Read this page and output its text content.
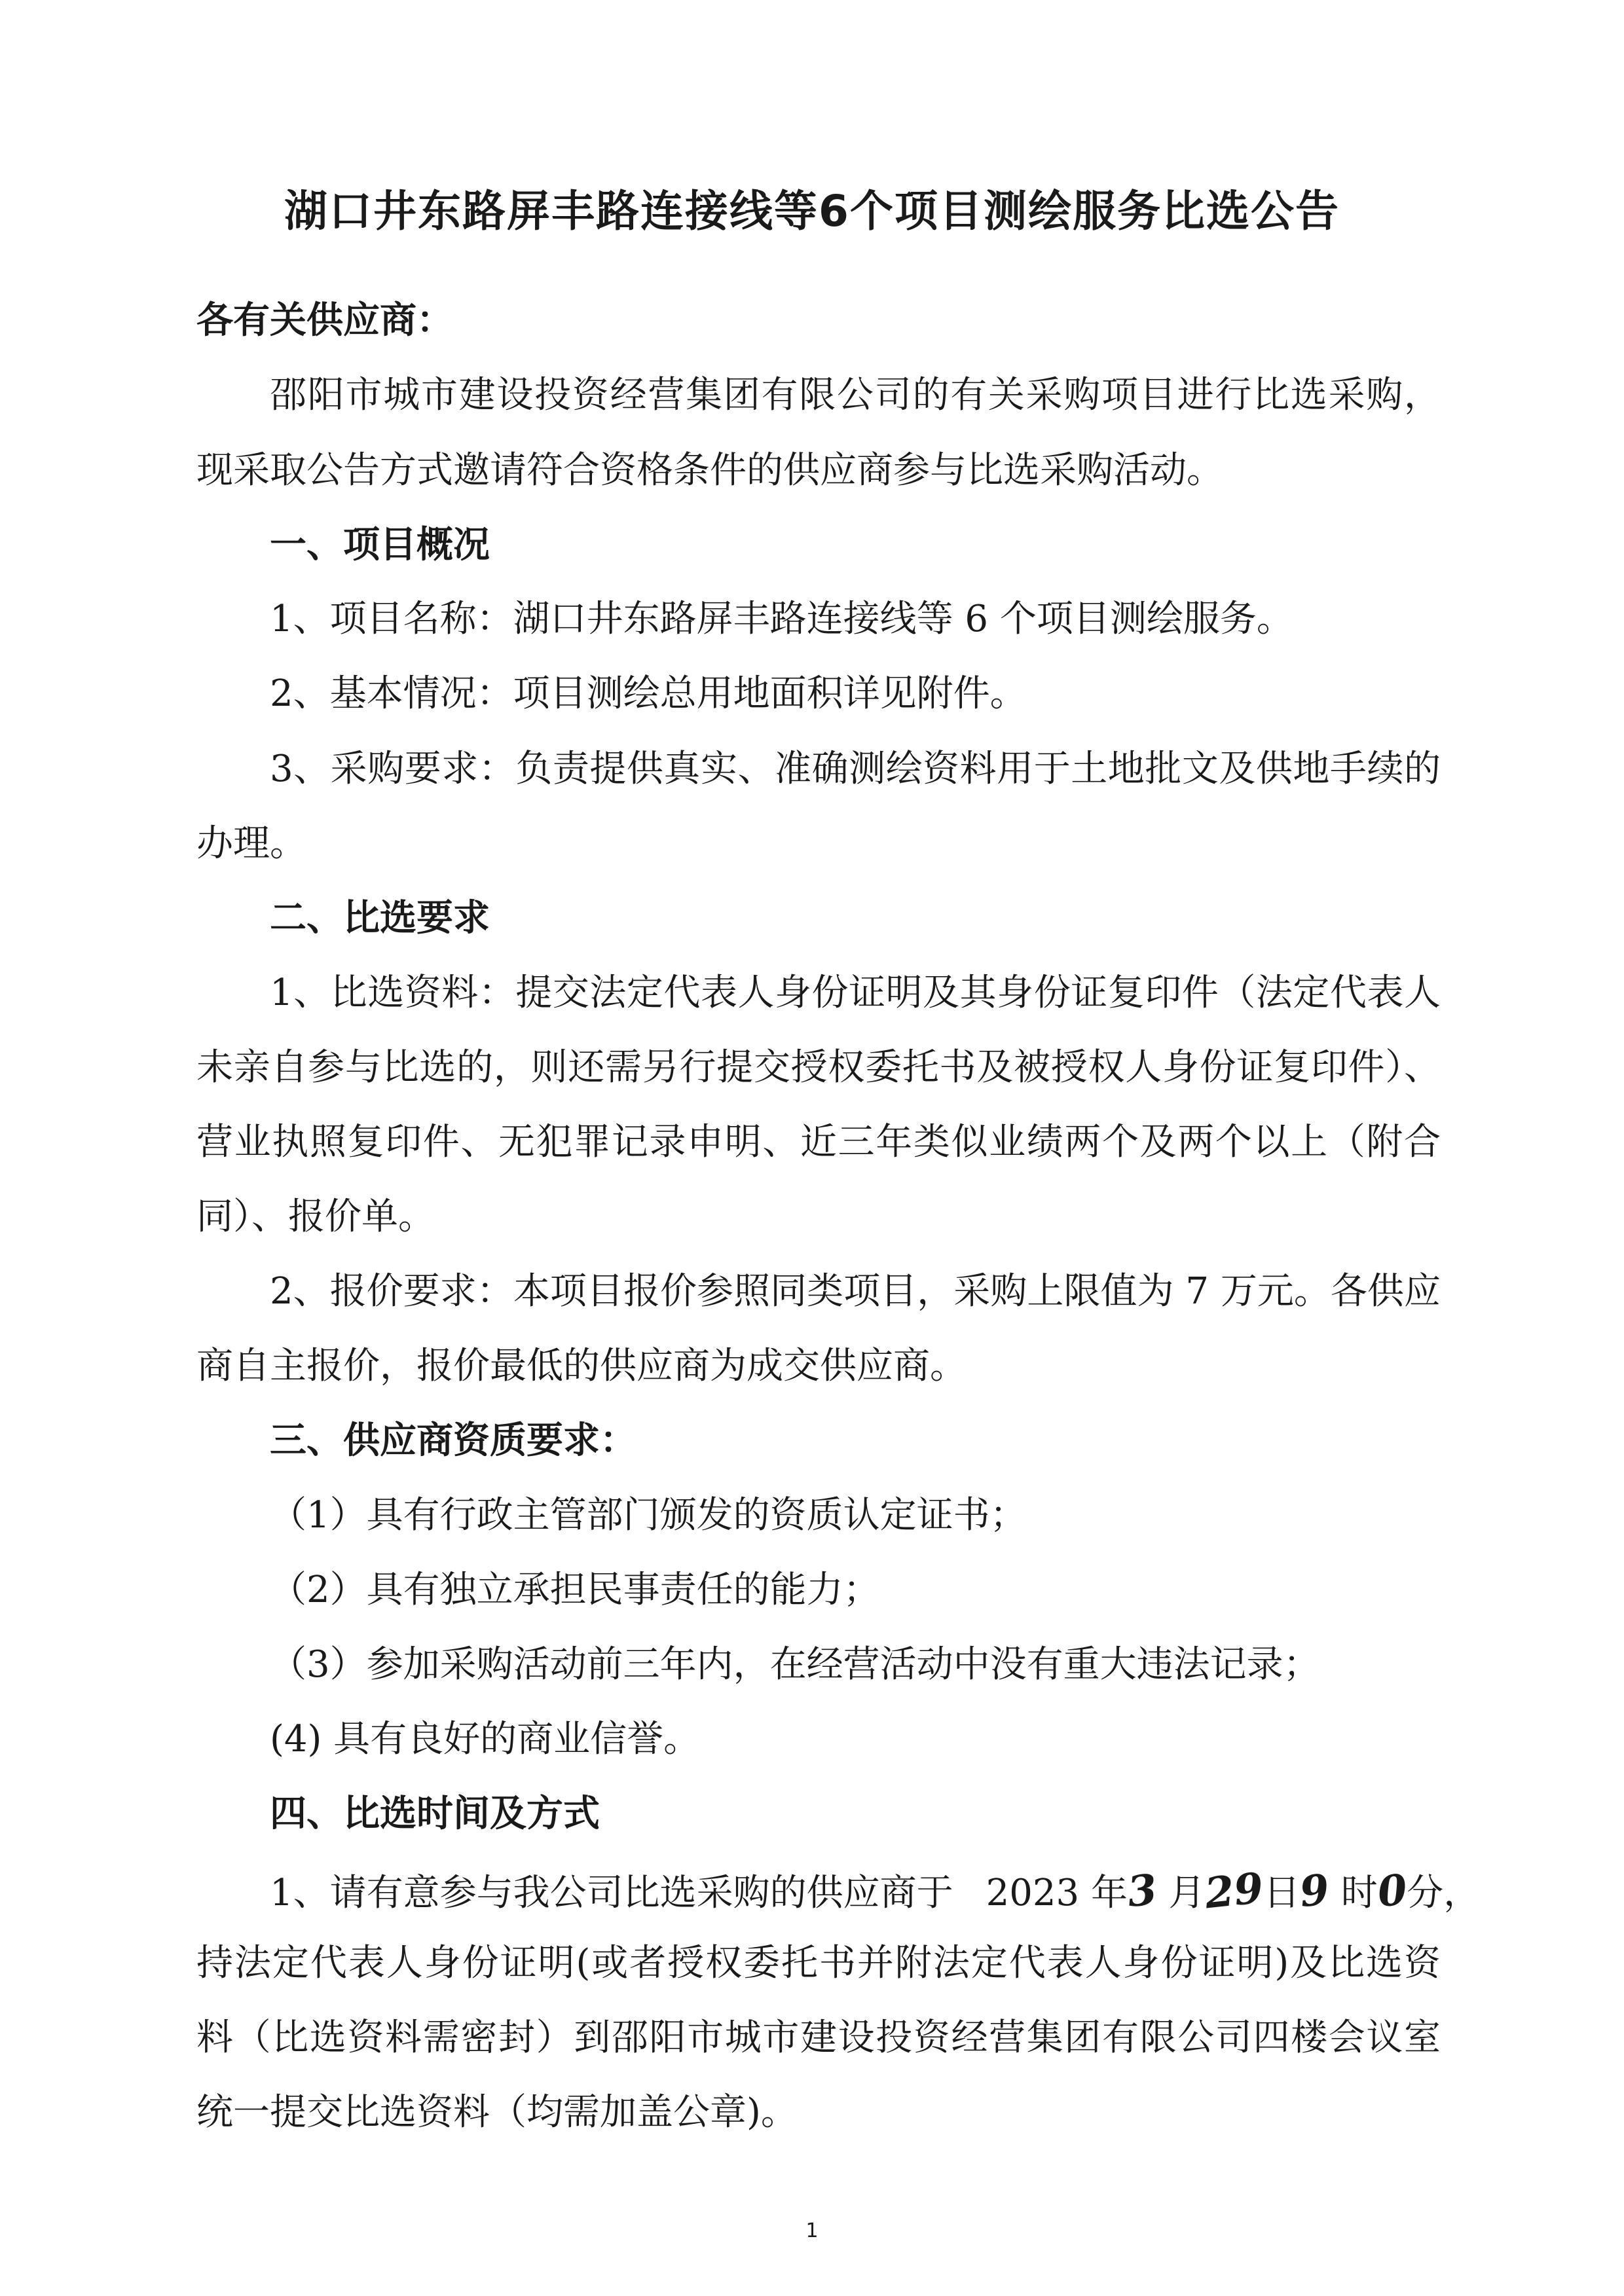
湖口井东路屏丰路连接线等6个项目测绘服务比选公告
各有关供应商：
邵阳市城市建设投资经营集团有限公司的有关采购项目进行比选采购，
现采取公告方式邀请符合资格条件的供应商参与比选采购活动。
一、项目概况
1、项目名称：湖口井东路屏丰路连接线等 6 个项目测绘服务。
2、基本情况：项目测绘总用地面积详见附件。
3、采购要求：负责提供真实、准确测绘资料用于土地批文及供地手续的
办理。
二、比选要求
1、比选资料：提交法定代表人身份证明及其身份证复印件（法定代表人
未亲自参与比选的，则还需另行提交授权委托书及被授权人身份证复印件）、
营业执照复印件、无犯罪记录申明、近三年类似业绩两个及两个以上（附合
同）、报价单。
2、报价要求：本项目报价参照同类项目，采购上限值为 7 万元。各供应
商自主报价，报价最低的供应商为成交供应商。
三、供应商资质要求：
（1）具有行政主管部门颁发的资质认定证书；
（2）具有独立承担民事责任的能力；
（3）参加采购活动前三年内，在经营活动中没有重大违法记录；
(4) 具有良好的商业信誉。
四、比选时间及方式
1、请有意参与我公司比选采购的供应商于 2023 年3 月29日9 时0分，
持法定代表人身份证明(或者授权委托书并附法定代表人身份证明)及比选资
料（比选资料需密封）到邵阳市城市建设投资经营集团有限公司四楼会议室
统一提交比选资料（均需加盖公章)。
1
